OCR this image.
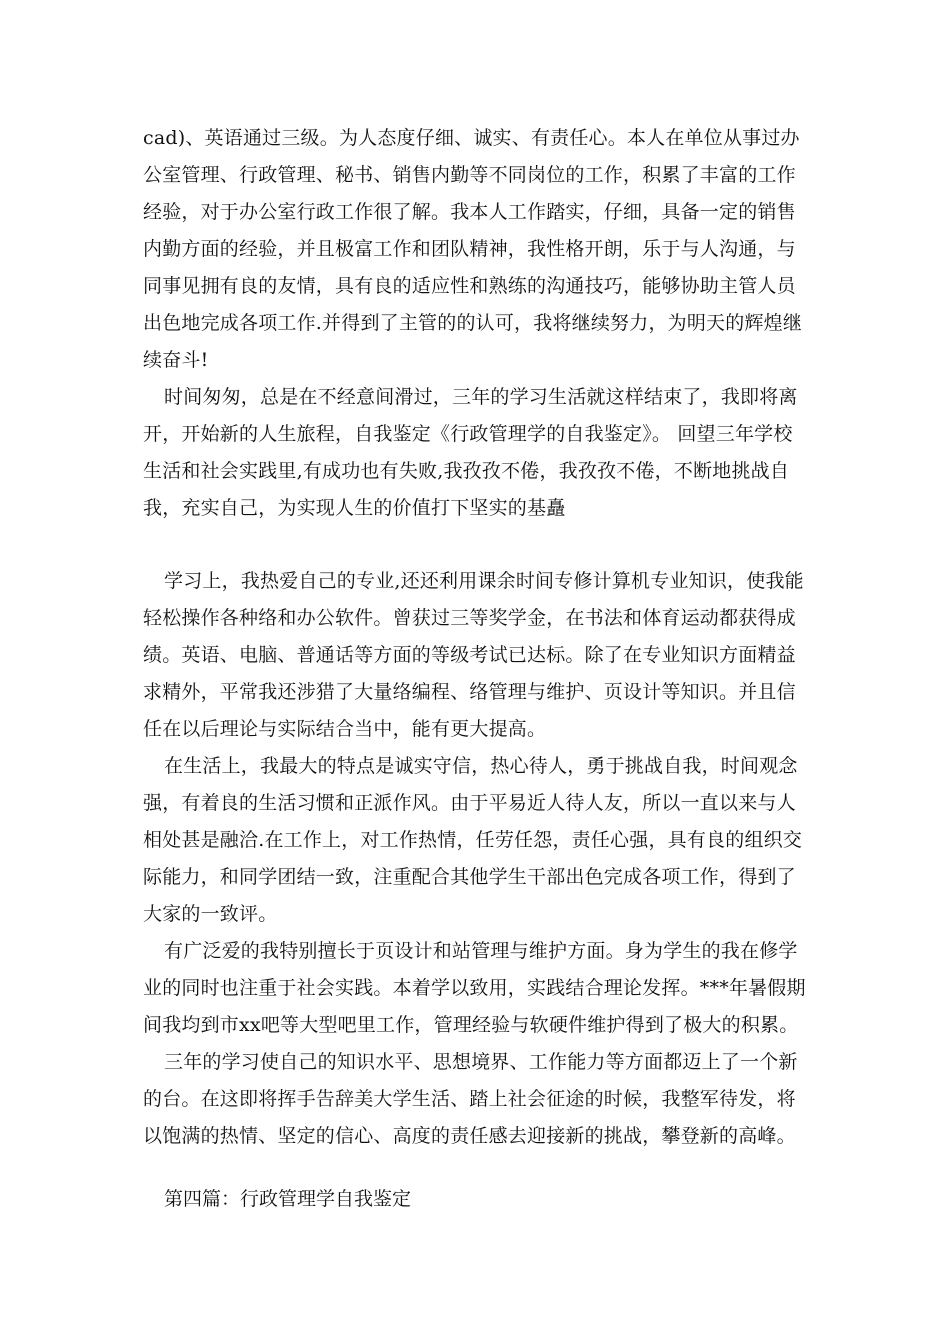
cad)、英语通过三级。为人态度仔细、诚实、有责任心。本人在单位从事过办
公室管理、行政管理、秘书、销售内勤等不同岗位的工作，积累了丰富的工作
经验，对于办公室行政工作很了解。我本人工作踏实，仔细，具备一定的销售
内勤方面的经验，并且极富工作和团队精神，我性格开朗，乐于与人沟通，与
同事见拥有良的友情，具有良的适应性和熟练的沟通技巧，能够协助主管人员
出色地完成各项工作.并得到了主管的的认可，我将继续努力，为明天的辉煌继
续奋斗!
时间匆匆，总是在不经意间滑过，三年的学习生活就这样结束了，我即将离
开，开始新的人生旅程，自我鉴定《行政管理学的自我鉴定》。 回望三年学校
生活和社会实践里,有成功也有失败,我孜孜不倦，我孜孜不倦，不断地挑战自
我，充实自己，为实现人生的价值打下坚实的基矗
学习上，我热爱自己的专业,还还利用课余时间专修计算机专业知识，使我能
轻松操作各种络和办公软件。曾获过三等奖学金，在书法和体育运动都获得成
绩。英语、电脑、普通话等方面的等级考试已达标。除了在专业知识方面精益
求精外，平常我还涉猎了大量络编程、络管理与维护、页设计等知识。并且信
任在以后理论与实际结合当中，能有更大提高。
在生活上，我最大的特点是诚实守信，热心待人，勇于挑战自我，时间观念
强，有着良的生活习惯和正派作风。由于平易近人待人友，所以一直以来与人
相处甚是融洽.在工作上，对工作热情，任劳任怨，责任心强，具有良的组织交
际能力，和同学团结一致，注重配合其他学生干部出色完成各项工作，得到了
大家的一致评。
有广泛爱的我特别擅长于页设计和站管理与维护方面。身为学生的我在修学
业的同时也注重于社会实践。本着学以致用，实践结合理论发挥。***年暑假期
间我均到市xx吧等大型吧里工作，管理经验与软硬件维护得到了极大的积累。
三年的学习使自己的知识水平、思想境界、工作能力等方面都迈上了一个新
的台。在这即将挥手告辞美大学生活、踏上社会征途的时候，我整军待发，将
以饱满的热情、坚定的信心、高度的责任感去迎接新的挑战，攀登新的高峰。
第四篇：行政管理学自我鉴定
